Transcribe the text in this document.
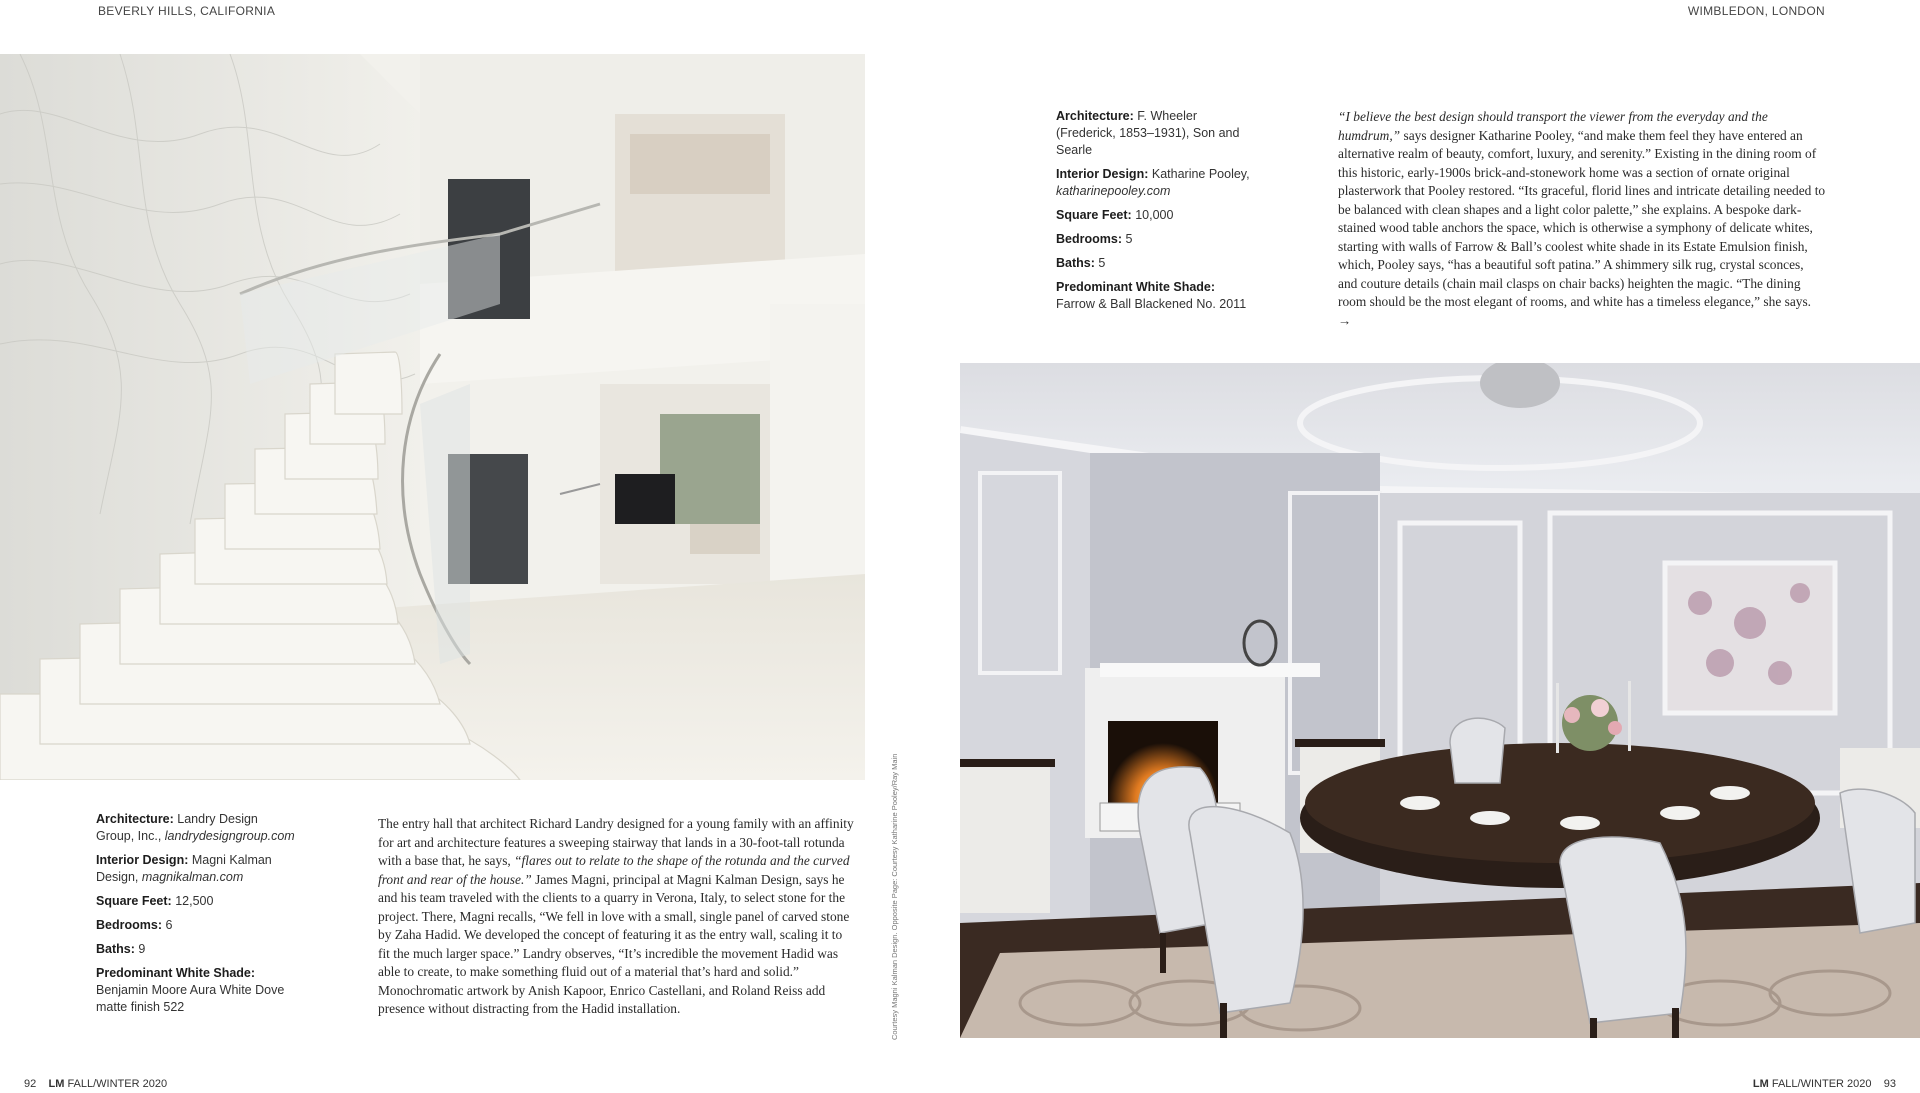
BEVERLY HILLS, CALIFORNIA	WIMBLEDON, LONDON
Architecture: Landry Design Group, Inc., landrydesigngroup.com
Interior Design: Magni Kalman Design, magnikalman.com
Square Feet: 12,500
Bedrooms: 6
Baths: 9
Predominant White Shade:
Benjamin Moore Aura White Dove matte finish 522
The entry hall that architect Richard Landry designed for a young family with an affinity for art and architecture features a sweeping stairway that lands in a 30-foot-tall rotunda with a base that, he says, “flares out to relate to the shape of the rotunda and the curved front and rear of the house.” James Magni, principal at Magni Kalman Design, says he and his team traveled with the clients to a quarry in Verona, Italy, to select stone for the project. There, Magni recalls, “We fell in love with a small, single panel of carved stone by Zaha Hadid. We developed the concept of featuring it as the entry wall, scaling it to fit the much larger space.” Landry observes, “It’s incredible the movement Hadid was able to create, to make something fluid out of a material that’s hard and solid.” Monochromatic artwork by Anish Kapoor, Enrico Castellani, and Roland Reiss add presence without distracting from the Hadid installation.	Courtesy Magni Kalman Design. Opposite Page: Courtesy Katharine Pooley/Ray Main
Architecture: F. Wheeler (Frederick, 1853–1931), Son and Searle
Interior Design: Katharine Pooley, katharinepooley.com
Square Feet: 10,000
Bedrooms: 5
Baths: 5
Predominant White Shade:
Farrow & Ball Blackened No. 2011
“I believe the best design should transport the viewer from the everyday and the humdrum,” says designer Katharine Pooley, “and make them feel they have entered an alternative realm of beauty, comfort, luxury, and serenity.” Existing in the dining room of this historic, early-1900s brick-and-stonework home was a section of ornate original plasterwork that Pooley restored. “Its graceful, florid lines and intricate detailing needed to be balanced with clean shapes and a light color palette,” she explains. A bespoke dark-stained wood table anchors the space, which is otherwise a symphony of delicate whites, starting with walls of Farrow & Ball’s coolest white shade in its Estate Emulsion finish, which, Pooley says, “has a beautiful soft patina.” A shimmery silk rug, crystal sconces, and couture details (chain mail clasps on chair backs) heighten the magic. “The dining room should be the most elegant of rooms, and white has a timeless elegance,” she says. →
92 LM FALL/WINTER 2020	LM FALL/WINTER 2020 93
